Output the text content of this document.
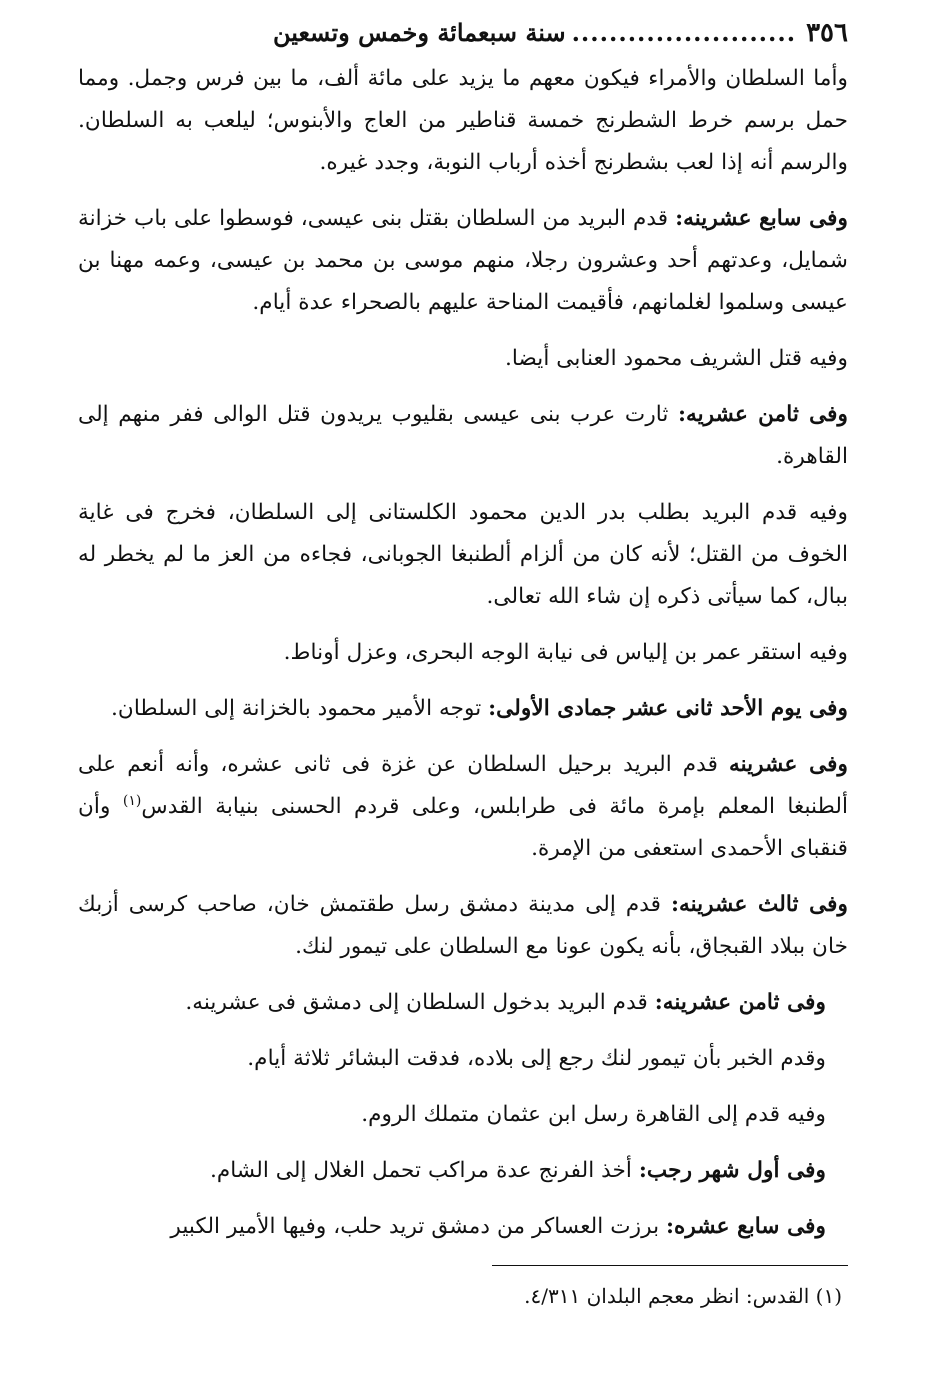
٣٥٦
........................
سنة سبعمائة وخمس وتسعين

وأما السلطان والأمراء فيكون معهم ما يزيد على مائة ألف، ما بين فرس وجمل. ومما حمل برسم خرط الشطرنج خمسة قناطير من العاج والأبنوس؛ ليلعب به السلطان. والرسم أنه إذا لعب بشطرنج أخذه أرباب النوبة، وجدد غيره.

وفى سابع عشرينه: قدم البريد من السلطان بقتل بنى عيسى، فوسطوا على باب خزانة شمايل، وعدتهم أحد وعشرون رجلا، منهم موسى بن محمد بن عيسى، وعمه مهنا بن عيسى وسلموا لغلمانهم، فأقيمت المناحة عليهم بالصحراء عدة أيام.

وفيه قتل الشريف محمود العنابى أيضا.

وفى ثامن عشريه: ثارت عرب بنى عيسى بقليوب يريدون قتل الوالى ففر منهم إلى القاهرة.

وفيه قدم البريد بطلب بدر الدين محمود الكلستانى إلى السلطان، فخرج فى غاية الخوف من القتل؛ لأنه كان من ألزام ألطنبغا الجوبانى، فجاءه من العز ما لم يخطر له ببال، كما سيأتى ذكره إن شاء الله تعالى.

وفيه استقر عمر بن إلياس فى نيابة الوجه البحرى، وعزل أوناط.

وفى يوم الأحد ثانى عشر جمادى الأولى: توجه الأمير محمود بالخزانة إلى السلطان.

وفى عشرينه قدم البريد برحيل السلطان عن غزة فى ثانى عشره، وأنه أنعم على ألطنبغا المعلم بإمرة مائة فى طرابلس، وعلى قردم الحسنى بنيابة القدس$^{(١)}$ وأن قنقباى الأحمدى استعفى من الإمرة.

وفى ثالث عشرينه: قدم إلى مدينة دمشق رسل طقتمش خان، صاحب كرسى أزبك خان ببلاد القبجاق، بأنه يكون عونا مع السلطان على تيمور لنك.

وفى ثامن عشرينه: قدم البريد بدخول السلطان إلى دمشق فى عشرينه.

وقدم الخبر بأن تيمور لنك رجع إلى بلاده، فدقت البشائر ثلاثة أيام.

وفيه قدم إلى القاهرة رسل ابن عثمان متملك الروم.

وفى أول شهر رجب: أخذ الفرنج عدة مراكب تحمل الغلال إلى الشام.

وفى سابع عشره: برزت العساكر من دمشق تريد حلب، وفيها الأمير الكبير

(١) القدس: انظر معجم البلدان ٤/٣١١.
